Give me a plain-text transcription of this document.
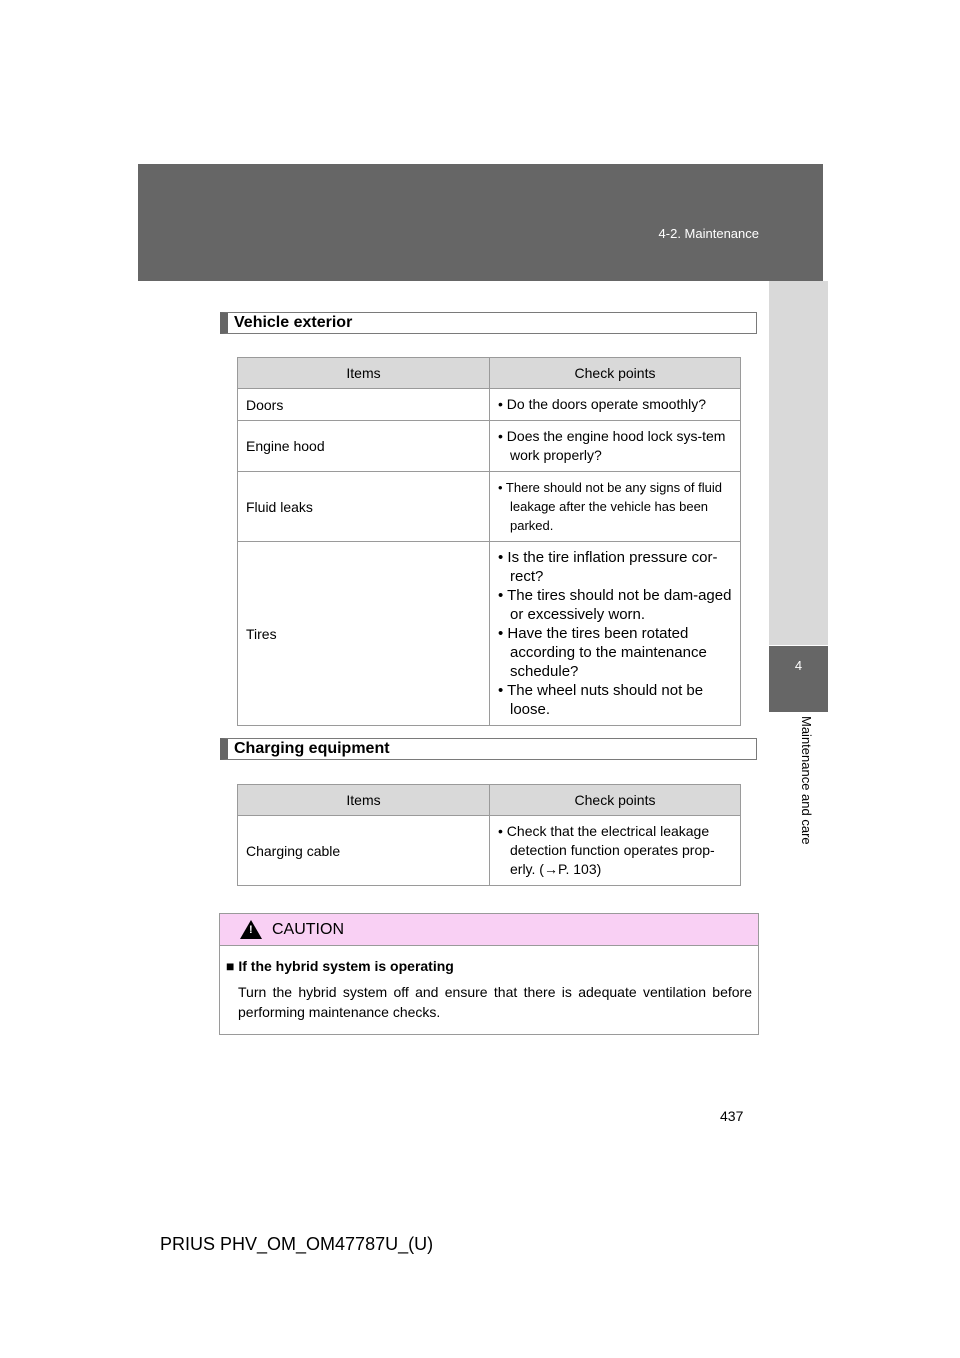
4-2. Maintenance
4
Maintenance and care
Vehicle exterior
Items	Check points
Doors	• Do the doors operate smoothly?

Engine hood	• Does the engine hood lock sys-tem work properly?

Fluid leaks	• There should not be any signs of fluid leakage after the vehicle has been parked.

Tires	• Is the tire inflation pressure cor-rect?
• The tires should not be dam-aged or excessively worn.
• Have the tires been rotated according to the maintenance schedule?
• The wheel nuts should not be loose.
Charging equipment
Items	Check points
Charging cable	• Check that the electrical leakage detection function operates prop-erly. (→P. 103)
! CAUTION
■ If the hybrid system is operating
Turn the hybrid system off and ensure that there is adequate ventilation before performing maintenance checks.
437
PRIUS PHV_OM_OM47787U_(U)
